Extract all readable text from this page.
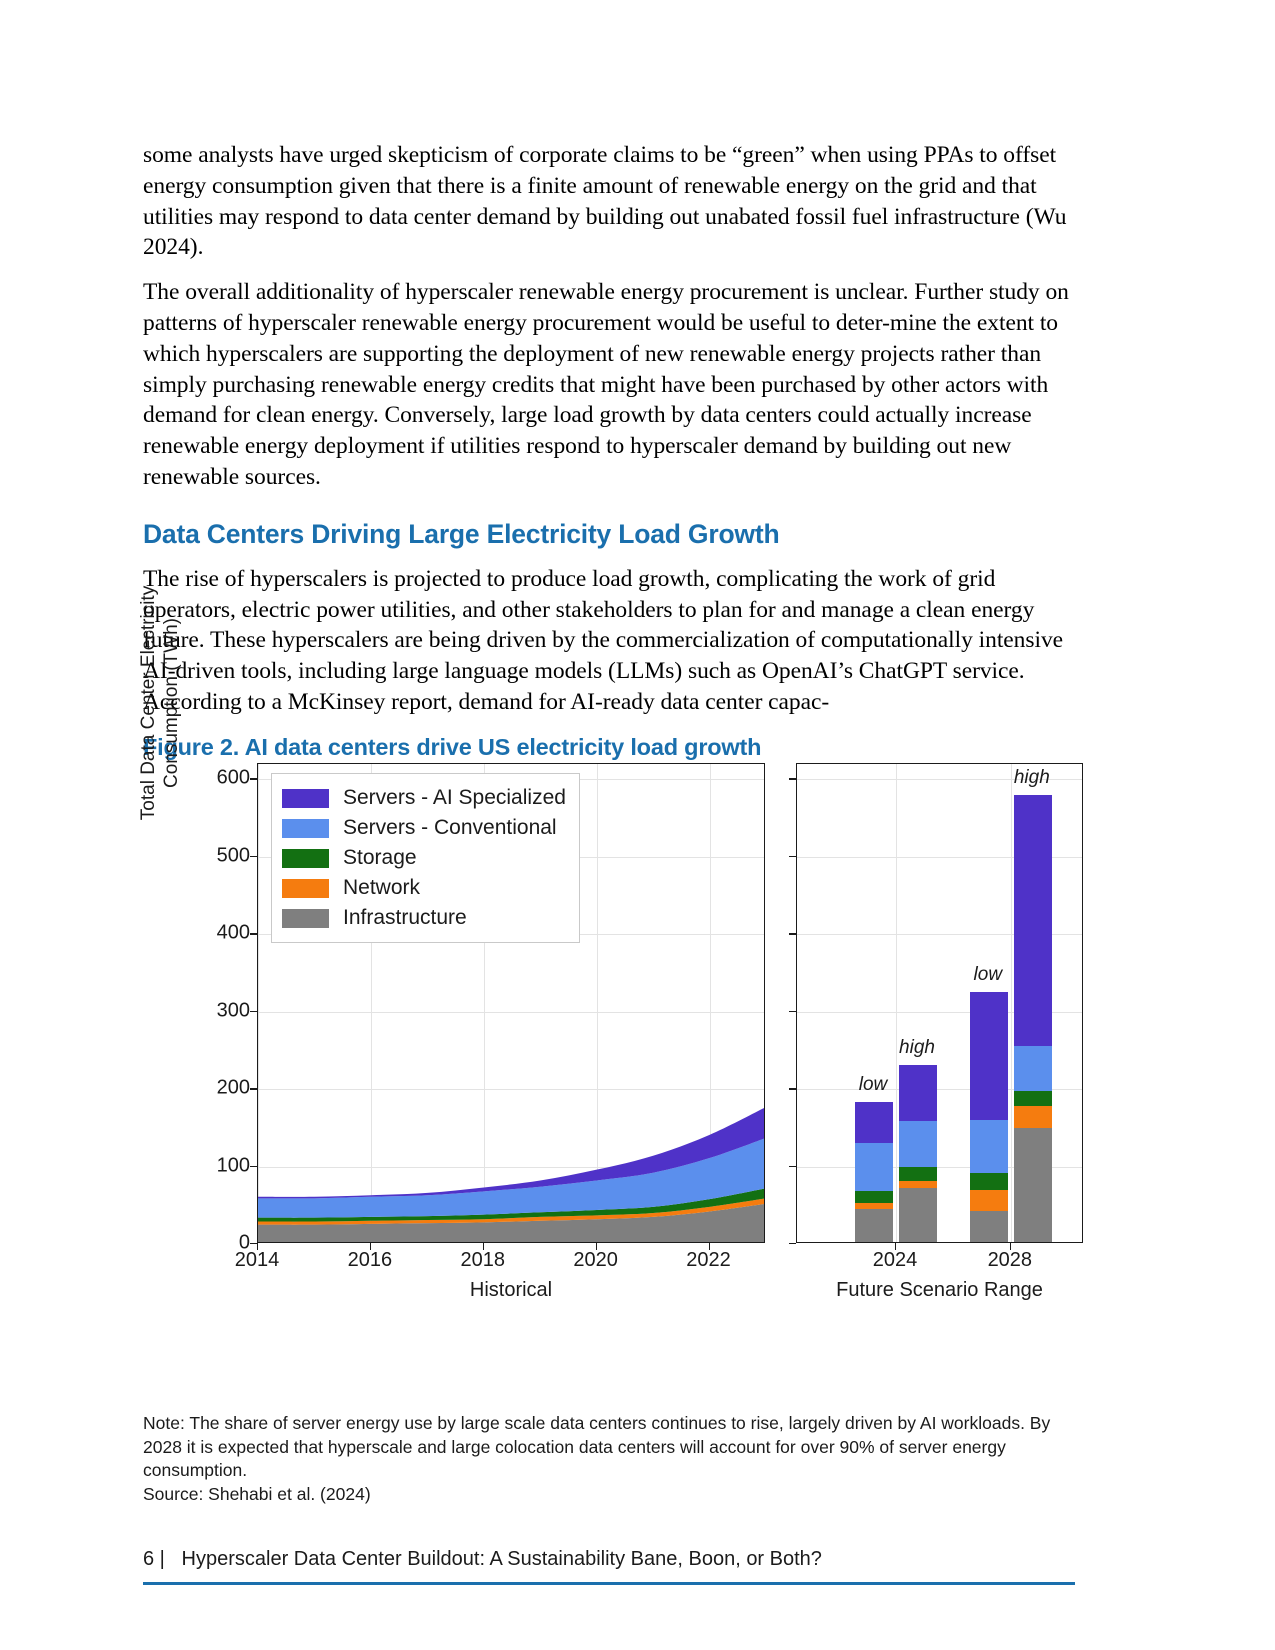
some analysts have urged skepticism of corporate claims to be “green” when using PPAs to offset energy consumption given that there is a finite amount of renewable energy on the grid and that utilities may respond to data center demand by building out unabated fossil fuel infrastructure (Wu 2024).

The overall additionality of hyperscaler renewable energy procurement is unclear. Further study on patterns of hyperscaler renewable energy procurement would be useful to deter-mine the extent to which hyperscalers are supporting the deployment of new renewable energy projects rather than simply purchasing renewable energy credits that might have been purchased by other actors with demand for clean energy. Conversely, large load growth by data centers could actually increase renewable energy deployment if utilities respond to hyperscaler demand by building out new renewable sources.

Data Centers Driving Large Electricity Load Growth

The rise of hyperscalers is projected to produce load growth, complicating the work of grid operators, electric power utilities, and other stakeholders to plan for and manage a clean energy future. These hyperscalers are being driven by the commercialization of computationally intensive AI-driven tools, including large language models (LLMs) such as OpenAI’s ChatGPT service. According to a McKinsey report, demand for AI-ready data center capac-

Figure 2. AI data centers drive US electricity load growth
Total Data Center Electricity Consumption (TWh)
0
100
200
300
400
500
600
2014	2016	2018	2020	2022
Historical
low
high
low
high
2024	2028
Future Scenario Range
Servers - AI Specialized
Servers - Conventional
Storage
Network
Infrastructure

Note: The share of server energy use by large scale data centers continues to rise, largely driven by AI workloads. By 2028 it is expected that hyperscale and large colocation data centers will account for over 90% of server energy consumption.

Source: Shehabi et al. (2024)

6 | Hyperscaler Data Center Buildout: A Sustainability Bane, Boon, or Both?
